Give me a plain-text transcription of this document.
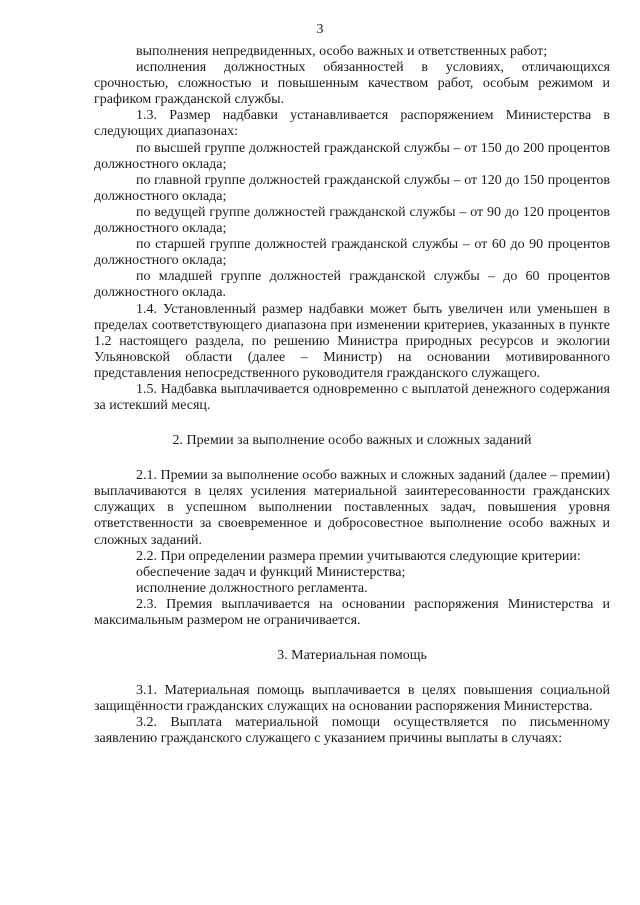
3

выполнения непредвиденных, особо важных и ответственных работ;

исполнения должностных обязанностей в условиях, отличающихся срочностью, сложностью и повышенным качеством работ, особым режимом и графиком гражданской службы.

1.3. Размер надбавки устанавливается распоряжением Министерства в следующих диапазонах:

по высшей группе должностей гражданской службы – от 150 до 200 процентов должностного оклада;

по главной группе должностей гражданской службы – от 120 до 150 процентов должностного оклада;

по ведущей группе должностей гражданской службы – от 90 до 120 процентов должностного оклада;

по старшей группе должностей гражданской службы – от 60 до 90 процентов должностного оклада;

по младшей группе должностей гражданской службы – до 60 процентов должностного оклада.

1.4. Установленный размер надбавки может быть увеличен или уменьшен в пределах соответствующего диапазона при изменении критериев, указанных в пункте 1.2 настоящего раздела, по решению Министра природных ресурсов и экологии Ульяновской области (далее – Министр) на основании мотивированного представления непосредственного руководителя гражданского служащего.

1.5. Надбавка выплачивается одновременно с выплатой денежного содержания за истекший месяц.

2. Премии за выполнение особо важных и сложных заданий

2.1. Премии за выполнение особо важных и сложных заданий (далее – премии) выплачиваются в целях усиления материальной заинтересованности гражданских служащих в успешном выполнении поставленных задач, повышения уровня ответственности за своевременное и добросовестное выполнение особо важных и сложных заданий.

2.2. При определении размера премии учитываются следующие критерии:

обеспечение задач и функций Министерства;

исполнение должностного регламента.

2.3. Премия выплачивается на основании распоряжения Министерства и максимальным размером не ограничивается.

3. Материальная помощь

3.1. Материальная помощь выплачивается в целях повышения социальной защищённости гражданских служащих на основании распоряжения Министерства.

3.2. Выплата материальной помощи осуществляется по письменному заявлению гражданского служащего с указанием причины выплаты в случаях:
